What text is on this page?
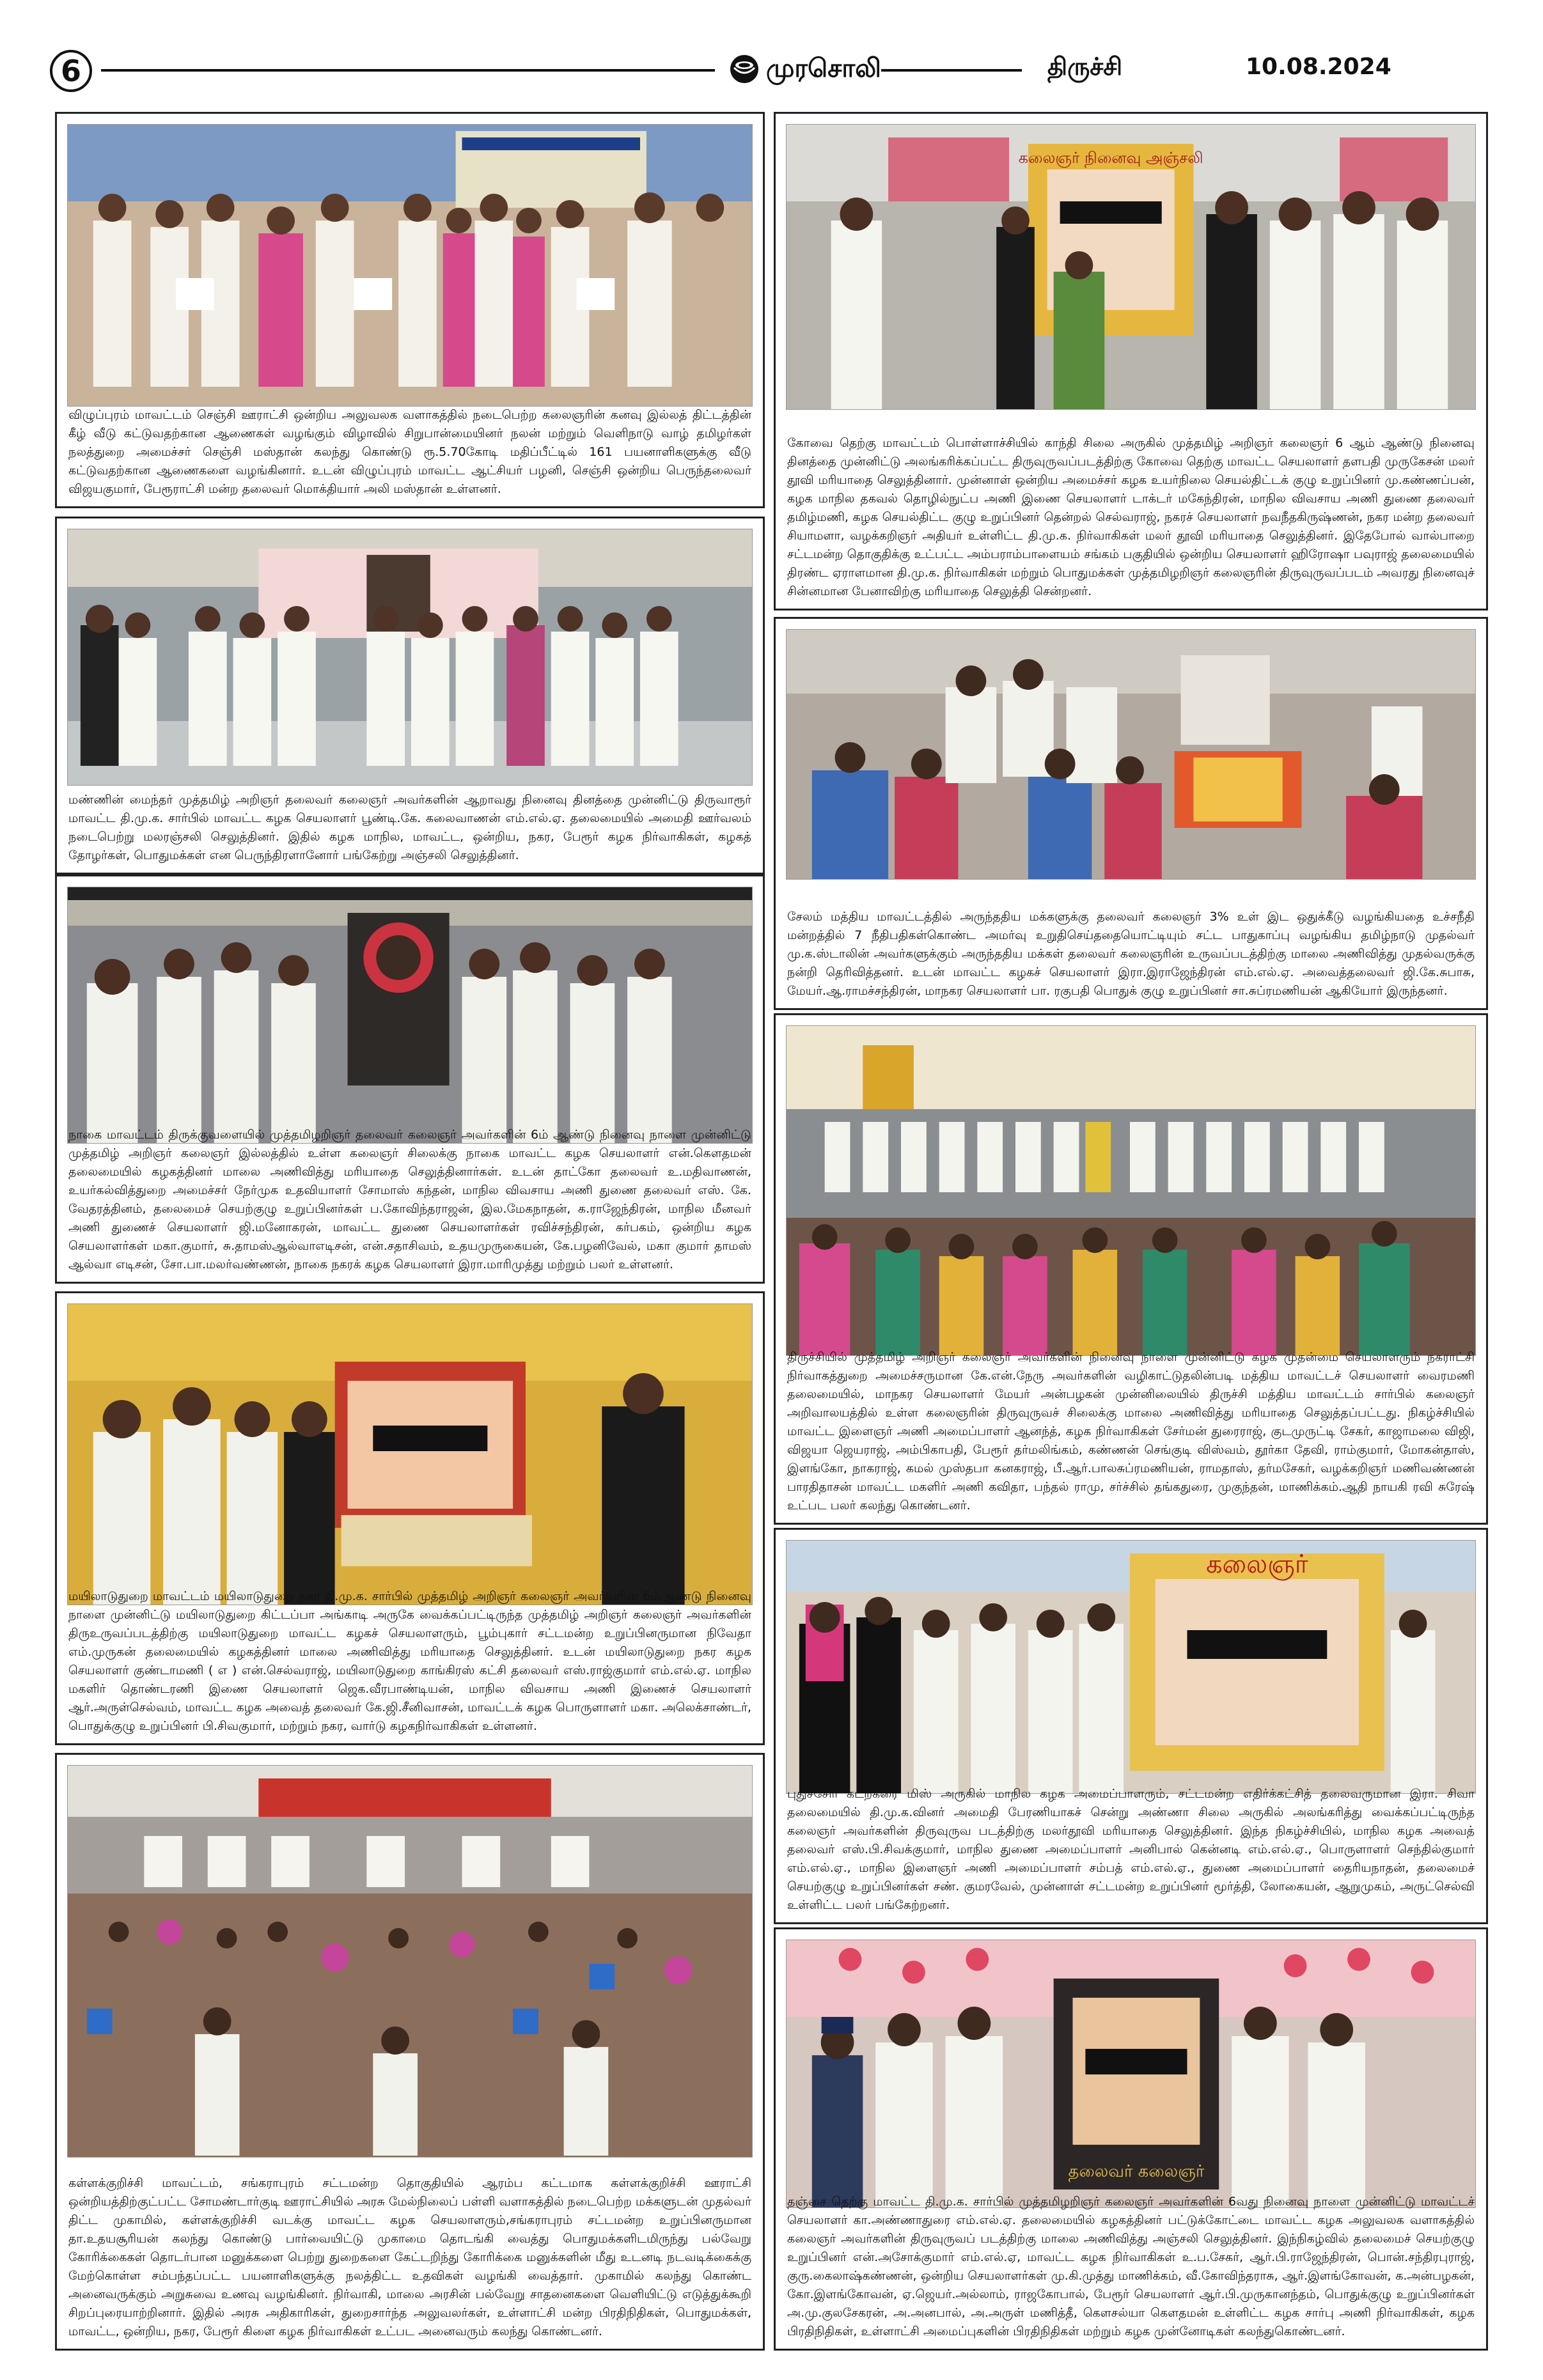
6	முரசொலி	திருச்சி	10.08.2024
விழுப்புரம் மாவட்டம் செஞ்சி ஊராட்சி ஒன்றிய அலுவலக வளாகத்தில் நடைபெற்ற கலைஞரின் கனவு இல்லத் திட்டத்தின் கீழ் வீடு கட்டுவதற்கான ஆணைகள் வழங்கும் விழாவில் சிறுபான்மையினர் நலன் மற்றும் வெளிநாடு வாழ் தமிழர்கள் நலத்துறை அமைச்சர் செஞ்சி மஸ்தான் கலந்து கொண்டு ரூ.5.70கோடி மதிப்பீட்டில் 161 பயனாளிகளுக்கு வீடு கட்டுவதற்கான ஆணைகளை வழங்கினார். உடன் விழுப்புரம் மாவட்ட ஆட்சியர் பழனி, செஞ்சி ஒன்றிய பெருந்தலைவர் விஜயகுமார், பேரூராட்சி மன்ற தலைவர் மொக்தியார் அலி மஸ்தான் உள்ளனர்.
மண்ணின் மைந்தர் முத்தமிழ் அறிஞர் தலைவர் கலைஞர் அவர்களின் ஆறாவது நினைவு தினத்தை முன்னிட்டு திருவாரூர் மாவட்ட தி.மு.க. சார்பில் மாவட்ட கழக செயலாளர் பூண்டி.கே. கலைவாணன் எம்.எல்.ஏ. தலைமையில் அமைதி ஊர்வலம் நடைபெற்று மலரஞ்சலி செலுத்தினர். இதில் கழக மாநில, மாவட்ட, ஒன்றிய, நகர, பேரூர் கழக நிர்வாகிகள், கழகத் தோழர்கள், பொதுமக்கள் என பெருந்திரளானோர் பங்கேற்று அஞ்சலி செலுத்தினர்.
நாகை மாவட்டம் திருக்குவளையில் முத்தமிழறிஞர் தலைவர் கலைஞர் அவர்களின் 6ம் ஆண்டு நினைவு நாளை முன்னிட்டு முத்தமிழ் அறிஞர் கலைஞர் இல்லத்தில் உள்ள கலைஞர் சிலைக்கு நாகை மாவட்ட கழக செயலாளர் என்.கௌதமன் தலைமையில் கழகத்தினர் மாலை அணிவித்து மரியாதை செலுத்தினார்கள். உடன் தாட்கோ தலைவர் உ.மதிவாணன், உயர்கல்வித்துறை அமைச்சர் நேர்முக உதவியாளர் சோமாஸ் கந்தன், மாநில விவசாய அணி துணை தலைவர் எஸ். கே. வேதரத்தினம், தலைமைச் செயற்குழு உறுப்பினர்கள் ப.கோவிந்தராஜன், இல.மேகநாதன், க.ராஜேந்திரன், மாநில மீனவர் அணி துணைச் செயலாளர் ஜி.மனோகரன், மாவட்ட துணை செயலாளர்கள் ரவிச்சந்திரன், கர்பகம், ஒன்றிய கழக செயலாளர்கள் மகா.குமார், சு.தாமஸ்ஆல்வாஎடிசன், என்.சதாசிவம், உதயமுருகையன், கே.பழனிவேல், மகா குமார் தாமஸ் ஆல்வா எடிசன், சோ.பா.மலர்வண்ணன், நாகை நகரக் கழக செயலாளர் இரா.மாரிமுத்து மற்றும் பலர் உள்ளனர்.
மயிலாடுதுறை மாவட்டம் மயிலாடுதுறை நகர தி.மு.க. சார்பில் முத்தமிழ் அறிஞர் கலைஞர் அவர்களின் 6ம்ஆண்டு நினைவு நாளை முன்னிட்டு மயிலாடுதுறை கிட்டப்பா அங்காடி அருகே வைக்கப்பட்டிருந்த முத்தமிழ் அறிஞர் கலைஞர் அவர்களின் திருஉருவப்படத்திற்கு மயிலாடுதுறை மாவட்ட கழகச் செயலாளரும், பூம்புகார் சட்டமன்ற உறுப்பினருமான நிவேதா எம்.முருகன் தலைமையில் கழகத்தினர் மாலை அணிவித்து மரியாதை செலுத்தினர். உடன் மயிலாடுதுறை நகர கழக செயலாளர் குண்டாமணி ( எ ) என்.செல்வராஜ், மயிலாடுதுறை காங்கிரஸ் கட்சி தலைவர் எஸ்.ராஜ்குமார் எம்.எல்.ஏ. மாநில மகளிர் தொண்டரணி இணை செயலாளர் ஜெக.வீரபாண்டியன், மாநில விவசாய அணி இணைச் செயலாளர் ஆர்.அருள்செல்வம், மாவட்ட கழக அவைத் தலைவர் கே.ஜி.சீனிவாசன், மாவட்டக் கழக பொருளாளர் மகா. அலெக்சாண்டர், பொதுக்குழு உறுப்பினர் பி.சிவகுமார், மற்றும் நகர, வார்டு கழகநிர்வாகிகள் உள்ளனர்.
கள்ளக்குறிச்சி மாவட்டம், சங்கராபுரம் சட்டமன்ற தொகுதியில் ஆரம்ப கட்டமாக கள்ளக்குறிச்சி ஊராட்சி ஒன்றியத்திற்குட்பட்ட சோமண்டார்குடி ஊராட்சியில் அரசு மேல்நிலைப் பள்ளி வளாகத்தில் நடைபெற்ற மக்களுடன் முதல்வர் திட்ட முகாமில், கள்ளக்குறிச்சி வடக்கு மாவட்ட கழக செயலாளரும்,சங்கராபுரம் சட்டமன்ற உறுப்பினருமான தா.உதயசூரியன் கலந்து கொண்டு பார்வையிட்டு முகாமை தொடங்கி வைத்து பொதுமக்களிடமிருந்து பல்வேறு கோரிக்கைகள் தொடர்பான மனுக்களை பெற்று துறைகளை கேட்டறிந்து கோரிக்கை மனுக்களின் மீது உடனடி நடவடிக்கைக்கு மேற்கொள்ள சம்பந்தப்பட்ட பயனாளிகளுக்கு நலத்திட்ட உதவிகள் வழங்கி வைத்தார். முகாமில் கலந்து கொண்ட அனைவருக்கும் அறுசுவை உணவு வழங்கினர். நிர்வாகி, மாலை அரசின் பல்வேறு சாதனைகளை வெளியிட்டு எடுத்துக்கூறி சிறப்புரையாற்றினார். இதில் அரசு அதிகாரிகள், துறைசார்ந்த அலுவலர்கள், உள்ளாட்சி மன்ற பிரதிநிதிகள், பொதுமக்கள், மாவட்ட, ஒன்றிய, நகர, பேரூர் கிளை கழக நிர்வாகிகள் உட்பட அனைவரும் கலந்து கொண்டனர்.
கலைஞர் நினைவு அஞ்சலி
கோவை தெற்கு மாவட்டம் பொள்ளாச்சியில் காந்தி சிலை அருகில் முத்தமிழ் அறிஞர் கலைஞர் 6 ஆம் ஆண்டு நினைவு தினத்தை முன்னிட்டு அலங்கரிக்கப்பட்ட திருவுருவப்படத்திற்கு கோவை தெற்கு மாவட்ட செயலாளர் தளபதி முருகேசன் மலர் தூவி மரியாதை செலுத்தினார். முன்னாள் ஒன்றிய அமைச்சர் கழக உயர்நிலை செயல்திட்டக் குழு உறுப்பினர் மு.கண்ணப்பன், கழக மாநில தகவல் தொழில்நுட்ப அணி இணை செயலாளர் டாக்டர் மகேந்திரன், மாநில விவசாய அணி துணை தலைவர் தமிழ்மணி, கழக செயல்திட்ட குழு உறுப்பினர் தென்றல் செல்வராஜ், நகரச் செயலாளர் நவநீதகிருஷ்ணன், நகர மன்ற தலைவர் சியாமளா, வழக்கறிஞர் அதியர் உள்ளிட்ட தி.மு.க. நிர்வாகிகள் மலர் தூவி மரியாதை செலுத்தினர். இதேபோல் வால்பாறை சட்டமன்ற தொகுதிக்கு உட்பட்ட அம்பராம்பாளையம் சங்கம் பகுதியில் ஒன்றிய செயலாளர் ஹிரோஷா பவுராஜ் தலைமையில் திரண்ட ஏராளமான தி.மு.க. நிர்வாகிகள் மற்றும் பொதுமக்கள் முத்தமிழறிஞர் கலைஞரின் திருவுருவப்படம் அவரது நினைவுச் சின்னமான பேனாவிற்கு மரியாதை செலுத்தி சென்றனர்.
சேலம் மத்திய மாவட்டத்தில் அருந்ததிய மக்களுக்கு தலைவர் கலைஞர் 3% உள் இட ஒதுக்கீடு வழங்கியதை உச்சநீதி மன்றத்தில் 7 நீதிபதிகள்கொண்ட அமர்வு உறுதிசெய்ததையொட்டியும் சட்ட பாதுகாப்பு வழங்கிய தமிழ்நாடு முதல்வர் மு.க.ஸ்டாலின் அவர்களுக்கும் அருந்ததிய மக்கள் தலைவர் கலைஞரின் உருவப்படத்திற்கு மாலை அணிவித்து முதல்வருக்கு நன்றி தெரிவித்தனர். உடன் மாவட்ட கழகச் செயலாளர் இரா.இராஜேந்திரன் எம்.எல்.ஏ. அவைத்தலைவர் ஜி.கே.சுபாசு, மேயர்.ஆ.ராமச்சந்திரன், மாநகர செயலாளர் பா. ரகுபதி பொதுக் குழு உறுப்பினர் சா.சுப்ரமணியன் ஆகியோர் இருந்தனர்.
திருச்சியில் முத்தமிழ் அறிஞர் கலைஞர் அவர்களின் நினைவு நாளை முன்னிட்டு கழக முதன்மை செயலாளரும் நகராட்சி நிர்வாகத்துறை அமைச்சருமான கே.என்.நேரு அவர்களின் வழிகாட்டுதலின்படி மத்திய மாவட்டச் செயலாளர் வைரமணி தலைமையில், மாநகர செயலாளர் மேயர் அன்பழகன் முன்னிலையில் திருச்சி மத்திய மாவட்டம் சார்பில் கலைஞர் அறிவாலயத்தில் உள்ள கலைஞரின் திருவுருவச் சிலைக்கு மாலை அணிவித்து மரியாதை செலுத்தப்பட்டது. நிகழ்ச்சியில் மாவட்ட இளைஞர் அணி அமைப்பாளர் ஆனந்த், கழக நிர்வாகிகள் சேர்மன் துரைராஜ், குடமுருட்டி சேகர், காஜாமலை விஜி, விஜயா ஜெயராஜ், அம்பிகாபதி, பேரூர் தர்மலிங்கம், கண்ணன் செங்குடி விஸ்வம், தூர்கா தேவி, ராம்குமார், மோகன்தாஸ், இளங்கோ, நாகராஜ், கமல் முஸ்தபா கனகராஜ், பீ.ஆர்.பாலசுப்ரமணியன், ராமதாஸ், தர்மசேகர், வழக்கறிஞர் மணிவண்ணன் பாரதிதாசன் மாவட்ட மகளிர் அணி கவிதா, பந்தல் ராமு, சர்ச்சில் தங்கதுரை, முகுந்தன், மாணிக்கம்.ஆதி நாயகி ரவி சுரேஷ் உட்பட பலர் கலந்து கொண்டனர்.
கலைஞர்
புதுச்சேரி கடற்கரை மிஸ் அருகில் மாநில கழக அமைப்பாளரும், சட்டமன்ற எதிர்க்கட்சித் தலைவருமான இரா. சிவா தலைமையில் தி.மு.க.வினர் அமைதி பேரணியாகச் சென்று அண்ணா சிலை அருகில் அலங்கரித்து வைக்கப்பட்டிருந்த கலைஞர் அவர்களின் திருவுருவ படத்திற்கு மலர்தூவி மரியாதை செலுத்தினர். இந்த நிகழ்ச்சியில், மாநில கழக அவைத் தலைவர் எஸ்.பி.சிவக்குமார், மாநில துணை அமைப்பாளர் அனிபால் கென்னடி எம்.எல்.ஏ., பொருளாளர் செந்தில்குமார் எம்.எல்.ஏ., மாநில இளைஞர் அணி அமைப்பாளர் சம்பத் எம்.எல்.ஏ., துணை அமைப்பாளர் தைரியநாதன், தலைமைச் செயற்குழு உறுப்பினர்கள் சண். குமரவேல், முன்னாள் சட்டமன்ற உறுப்பினர் மூர்த்தி, லோகையன், ஆறுமுகம், அருட்செல்வி உள்ளிட்ட பலர் பங்கேற்றனர்.
தலைவர் கலைஞர்
தஞ்சை தெற்கு மாவட்ட தி.மு.க. சார்பில் முத்தமிழறிஞர் கலைஞர் அவர்களின் 6வது நினைவு நாளை முன்னிட்டு மாவட்டச் செயலாளர் கா.அண்ணாதுரை எம்.எல்.ஏ. தலைமையில் கழகத்தினர் பட்டுக்கோட்டை மாவட்ட கழக அலுவலக வளாகத்தில் கலைஞர் அவர்களின் திருவுருவப் படத்திற்கு மாலை அணிவித்து அஞ்சலி செலுத்தினர். இந்நிகழ்வில் தலைமைச் செயற்குழு உறுப்பினர் என்.அசோக்குமார் எம்.எல்.ஏ, மாவட்ட கழக நிர்வாகிகள் உ.ப.சேகர், ஆர்.பி.ராஜேந்திரன், பொன்.சந்திரபுராஜ், குரு.கைலாஷ்கண்ணன், ஒன்றிய செயலாளர்கள் மு.கி.முத்து மாணிக்கம், வீ.கோவிந்தராசு, ஆர்.இளங்கோவன், க.அன்பழகன், கோ.இளங்கோவன், ஏ.ஜெயர்.அல்லாம், ராஜகோபால், பேரூர் செயலாளர் ஆர்.பி.முருகானந்தம், பொதுக்குழு உறுப்பினர்கள் அ.மு.குலசேகரன், அ.அனபால், அ.அருள் மணித்தீ, கௌசல்யா கௌதமன் உள்ளிட்ட கழக சார்பு அணி நிர்வாகிகள், கழக பிரதிநிதிகள், உள்ளாட்சி அமைப்புகளின் பிரதிநிதிகள் மற்றும் கழக முன்னோடிகள் கலந்துகொண்டனர்.
